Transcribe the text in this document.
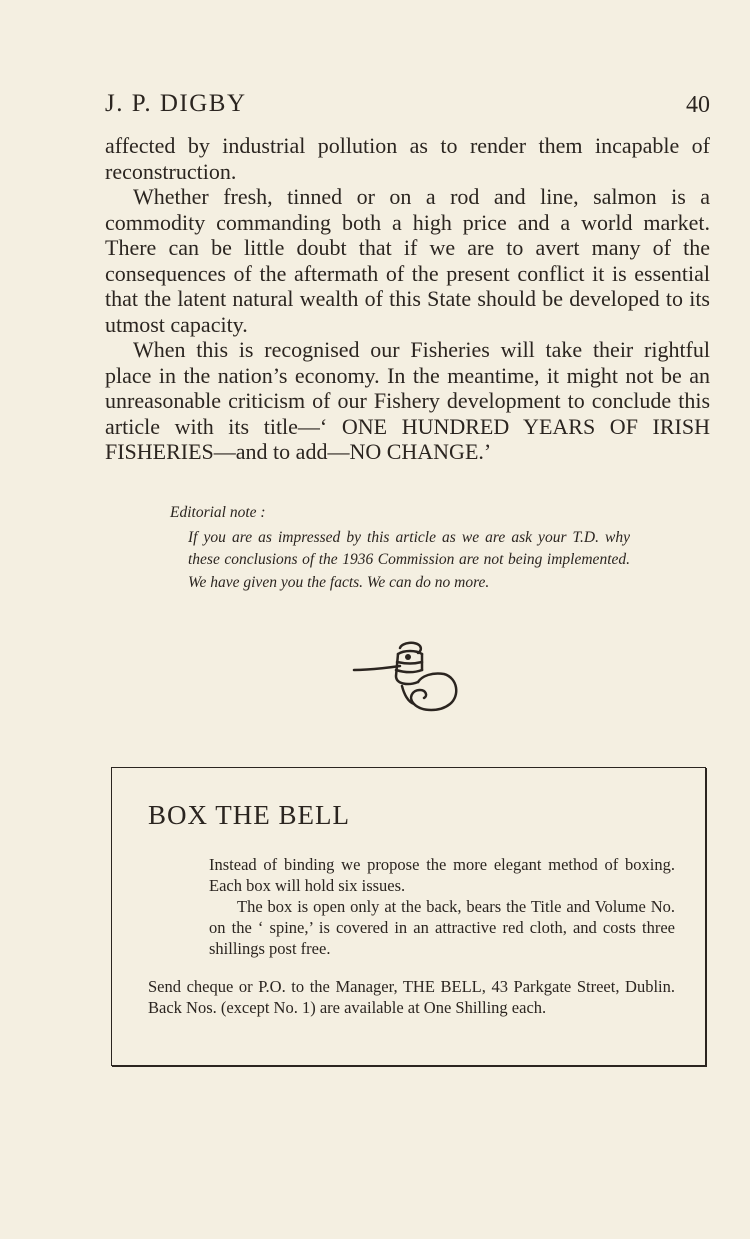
J. P. DIGBY	40

affected by industrial pollution as to render them incapable of reconstruction.

Whether fresh, tinned or on a rod and line, salmon is a commodity commanding both a high price and a world market. There can be little doubt that if we are to avert many of the consequences of the aftermath of the present conflict it is essential that the latent natural wealth of this State should be developed to its utmost capacity.

When this is recognised our Fisheries will take their rightful place in the nation’s economy. In the meantime, it might not be an unreasonable criticism of our Fishery development to conclude this article with its title—‘ ONE HUNDRED YEARS OF IRISH FISHERIES—and to add—NO CHANGE.’

Editorial note :

If you are as impressed by this article as we are ask your T.D. why these conclusions of the 1936 Commission are not being implemented. We have given you the facts. We can do no more.

BOX THE BELL

Instead of binding we propose the more elegant method of boxing. Each box will hold six issues.

The box is open only at the back, bears the Title and Volume No. on the ‘ spine,’ is covered in an attractive red cloth, and costs three shillings post free.

Send cheque or P.O. to the Manager, THE BELL, 43 Parkgate Street, Dublin. Back Nos. (except No. 1) are available at One Shilling each.
